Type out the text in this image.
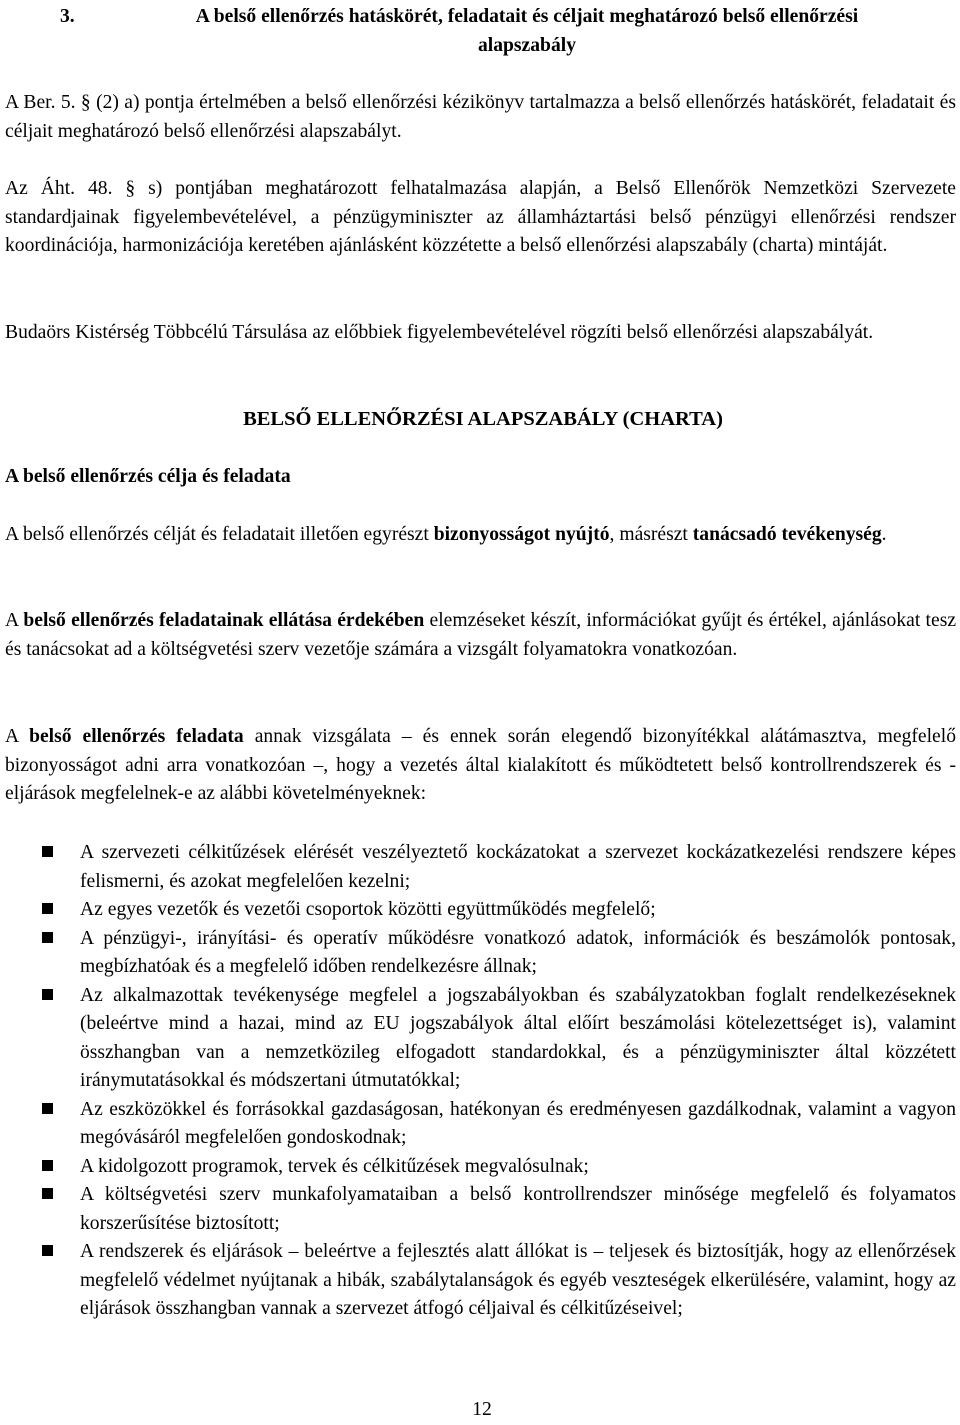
3.	A belső ellenőrzés hatáskörét, feladatait és céljait meghatározó belső ellenőrzési
alapszabály

A Ber. 5. § (2) a) pontja értelmében a belső ellenőrzési kézikönyv tartalmazza a belső ellenőrzés hatáskörét, feladatait és céljait meghatározó belső ellenőrzési alapszabályt.

Az Áht. 48. § s) pontjában meghatározott felhatalmazása alapján, a Belső Ellenőrök Nemzetközi Szervezete standardjainak figyelembevételével, a pénzügyminiszter az államháztartási belső pénzügyi ellenőrzési rendszer koordinációja, harmonizációja keretében ajánlásként közzétette a belső ellenőrzési alapszabály (charta) mintáját.

Budaörs Kistérség Többcélú Társulása az előbbiek figyelembevételével rögzíti belső ellenőrzési alapszabályát.

BELSŐ ELLENŐRZÉSI ALAPSZABÁLY (CHARTA)
A belső ellenőrzés célja és feladata

A belső ellenőrzés célját és feladatait illetően egyrészt bizonyosságot nyújtó, másrészt tanácsadó tevékenység.

A belső ellenőrzés feladatainak ellátása érdekében elemzéseket készít, információkat gyűjt és értékel, ajánlásokat tesz és tanácsokat ad a költségvetési szerv vezetője számára a vizsgált folyamatokra vonatkozóan.

A belső ellenőrzés feladata annak vizsgálata – és ennek során elegendő bizonyítékkal alátámasztva, megfelelő bizonyosságot adni arra vonatkozóan –, hogy a vezetés által kialakított és működtetett belső kontrollrendszerek és -eljárások megfelelnek-e az alábbi követelményeknek:

A szervezeti célkitűzések elérését veszélyeztető kockázatokat a szervezet kockázatkezelési rendszere képes felismerni, és azokat megfelelően kezelni;
Az egyes vezetők és vezetői csoportok közötti együttműködés megfelelő;
A pénzügyi-, irányítási- és operatív működésre vonatkozó adatok, információk és beszámolók pontosak, megbízhatóak és a megfelelő időben rendelkezésre állnak;
Az alkalmazottak tevékenysége megfelel a jogszabályokban és szabályzatokban foglalt rendelkezéseknek (beleértve mind a hazai, mind az EU jogszabályok által előírt beszámolási kötelezettséget is), valamint összhangban van a nemzetközileg elfogadott standardokkal, és a pénzügyminiszter által közzétett iránymutatásokkal és módszertani útmutatókkal;
Az eszközökkel és forrásokkal gazdaságosan, hatékonyan és eredményesen gazdálkodnak, valamint a vagyon megóvásáról megfelelően gondoskodnak;
A kidolgozott programok, tervek és célkitűzések megvalósulnak;
A költségvetési szerv munkafolyamataiban a belső kontrollrendszer minősége megfelelő és folyamatos korszerűsítése biztosított;
A rendszerek és eljárások – beleértve a fejlesztés alatt állókat is – teljesek és biztosítják, hogy az ellenőrzések megfelelő védelmet nyújtanak a hibák, szabálytalanságok és egyéb veszteségek elkerülésére, valamint, hogy az eljárások összhangban vannak a szervezet átfogó céljaival és célkitűzéseivel;
12
